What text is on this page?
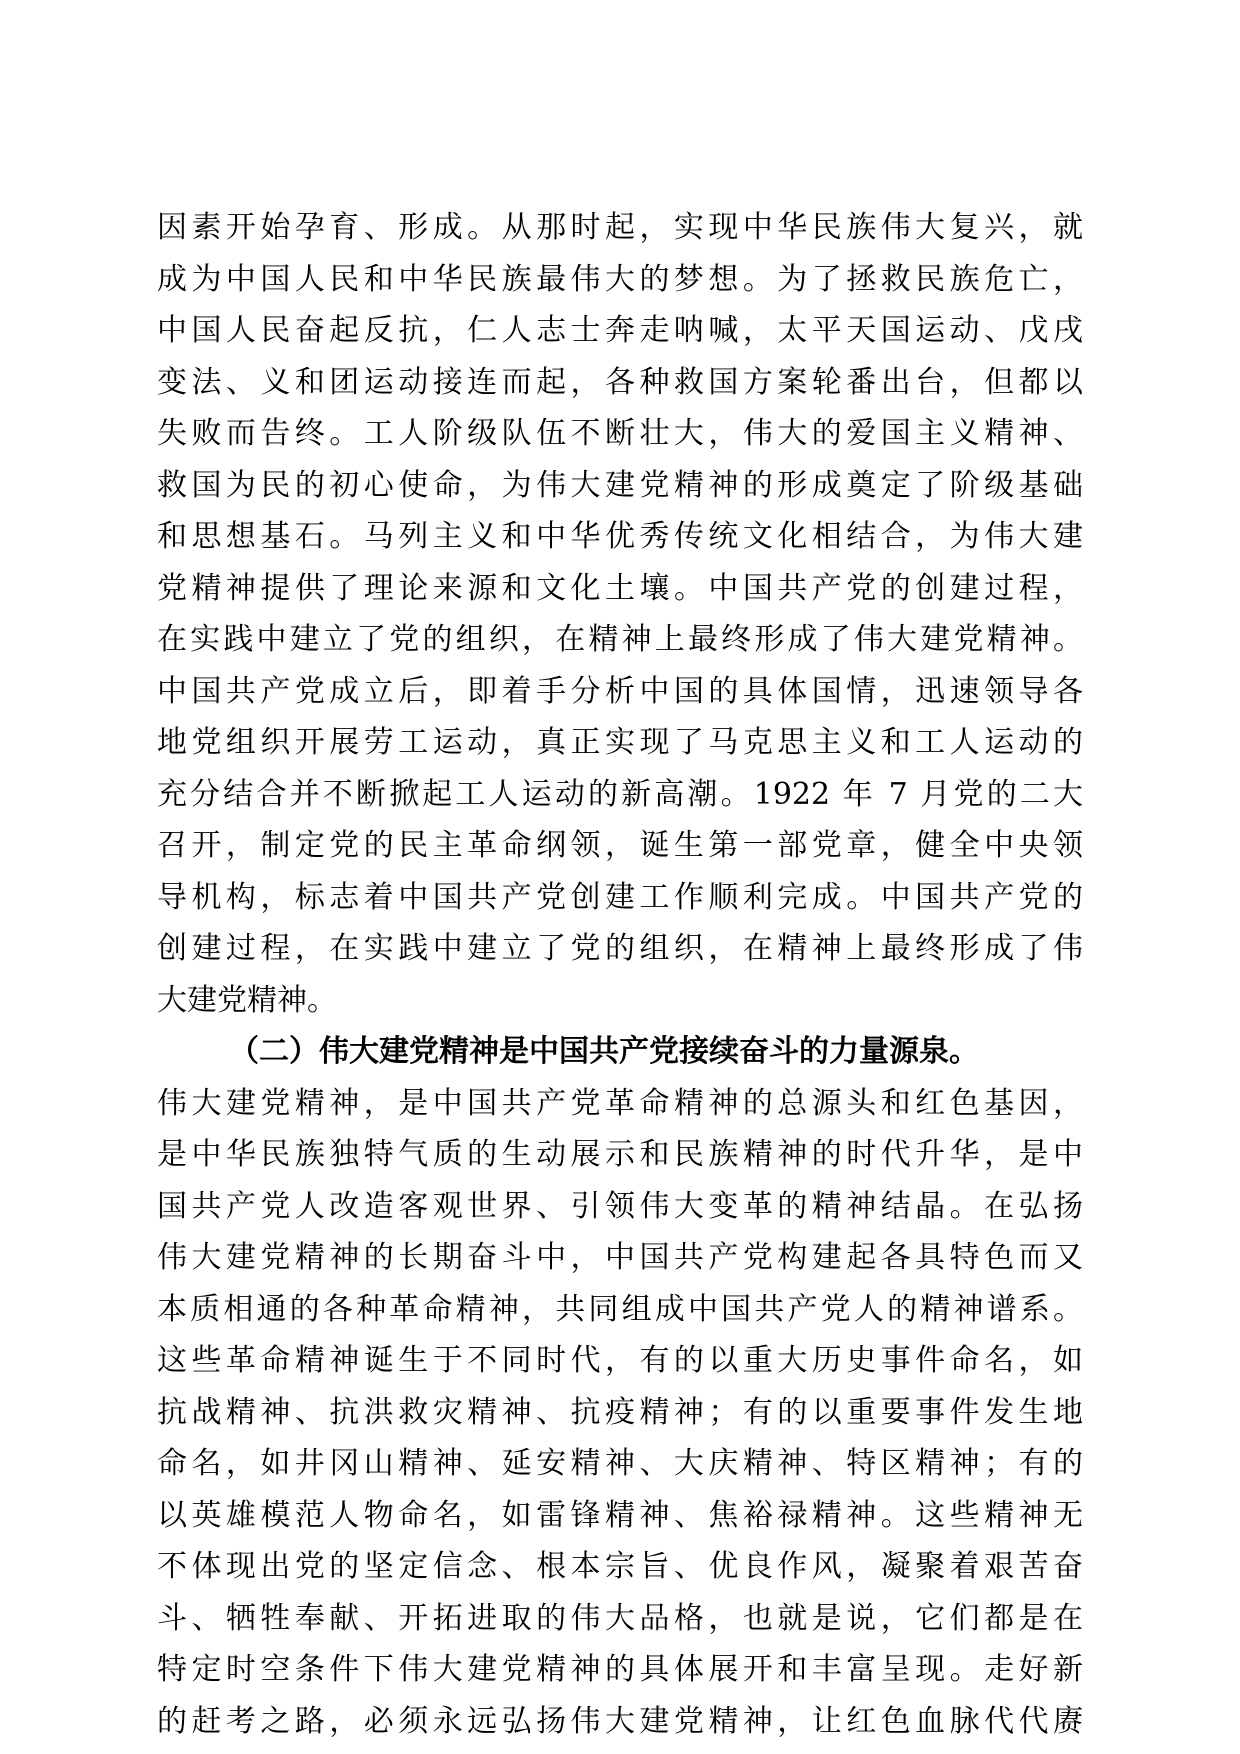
因素开始孕育、形成。从那时起，实现中华民族伟大复兴，就
成为中国人民和中华民族最伟大的梦想。为了拯救民族危亡，
中国人民奋起反抗，仁人志士奔走呐喊，太平天国运动、戊戌
变法、义和团运动接连而起，各种救国方案轮番出台，但都以
失败而告终。工人阶级队伍不断壮大，伟大的爱国主义精神、
救国为民的初心使命，为伟大建党精神的形成奠定了阶级基础
和思想基石。马列主义和中华优秀传统文化相结合，为伟大建
党精神提供了理论来源和文化土壤。中国共产党的创建过程，
在实践中建立了党的组织，在精神上最终形成了伟大建党精神。
中国共产党成立后，即着手分析中国的具体国情，迅速领导各
地党组织开展劳工运动，真正实现了马克思主义和工人运动的
充分结合并不断掀起工人运动的新高潮。1922 年 7 月党的二大
召开，制定党的民主革命纲领，诞生第一部党章，健全中央领
导机构，标志着中国共产党创建工作顺利完成。中国共产党的
创建过程，在实践中建立了党的组织，在精神上最终形成了伟
大建党精神。
（二）伟大建党精神是中国共产党接续奋斗的力量源泉。
伟大建党精神，是中国共产党革命精神的总源头和红色基因，
是中华民族独特气质的生动展示和民族精神的时代升华，是中
国共产党人改造客观世界、引领伟大变革的精神结晶。在弘扬
伟大建党精神的长期奋斗中，中国共产党构建起各具特色而又
本质相通的各种革命精神，共同组成中国共产党人的精神谱系。
这些革命精神诞生于不同时代，有的以重大历史事件命名，如
抗战精神、抗洪救灾精神、抗疫精神；有的以重要事件发生地
命名，如井冈山精神、延安精神、大庆精神、特区精神；有的
以英雄模范人物命名，如雷锋精神、焦裕禄精神。这些精神无
不体现出党的坚定信念、根本宗旨、优良作风，凝聚着艰苦奋
斗、牺牲奉献、开拓进取的伟大品格，也就是说，它们都是在
特定时空条件下伟大建党精神的具体展开和丰富呈现。走好新
的赶考之路，必须永远弘扬伟大建党精神，让红色血脉代代赓
